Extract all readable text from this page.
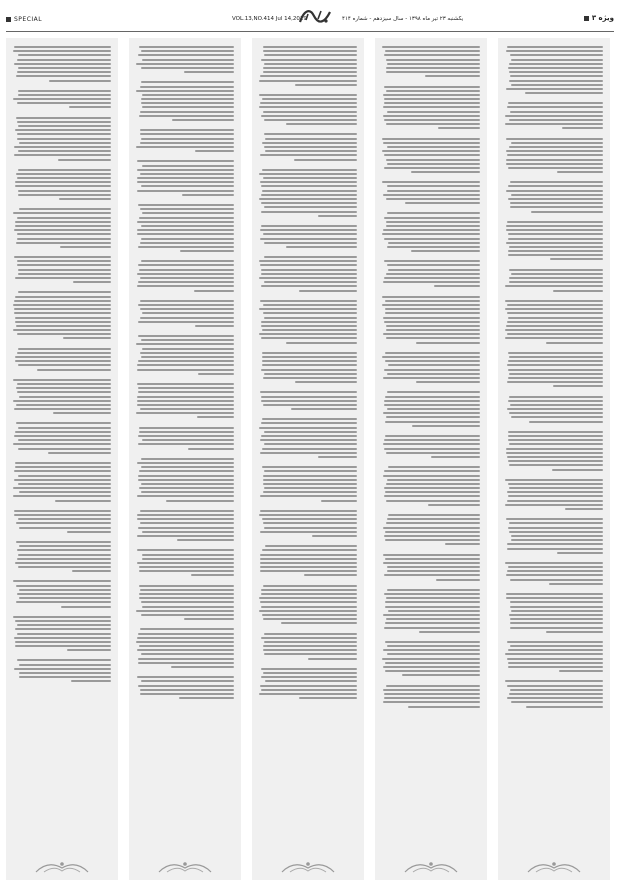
SPECIAL	VOL.13,NO.414 Jul 14,2019	یکشنبه ۲۳ تیر ماه ۱۳۹۸ - سال سیزدهم - شماره ۴۱۴	ویژه ۳
